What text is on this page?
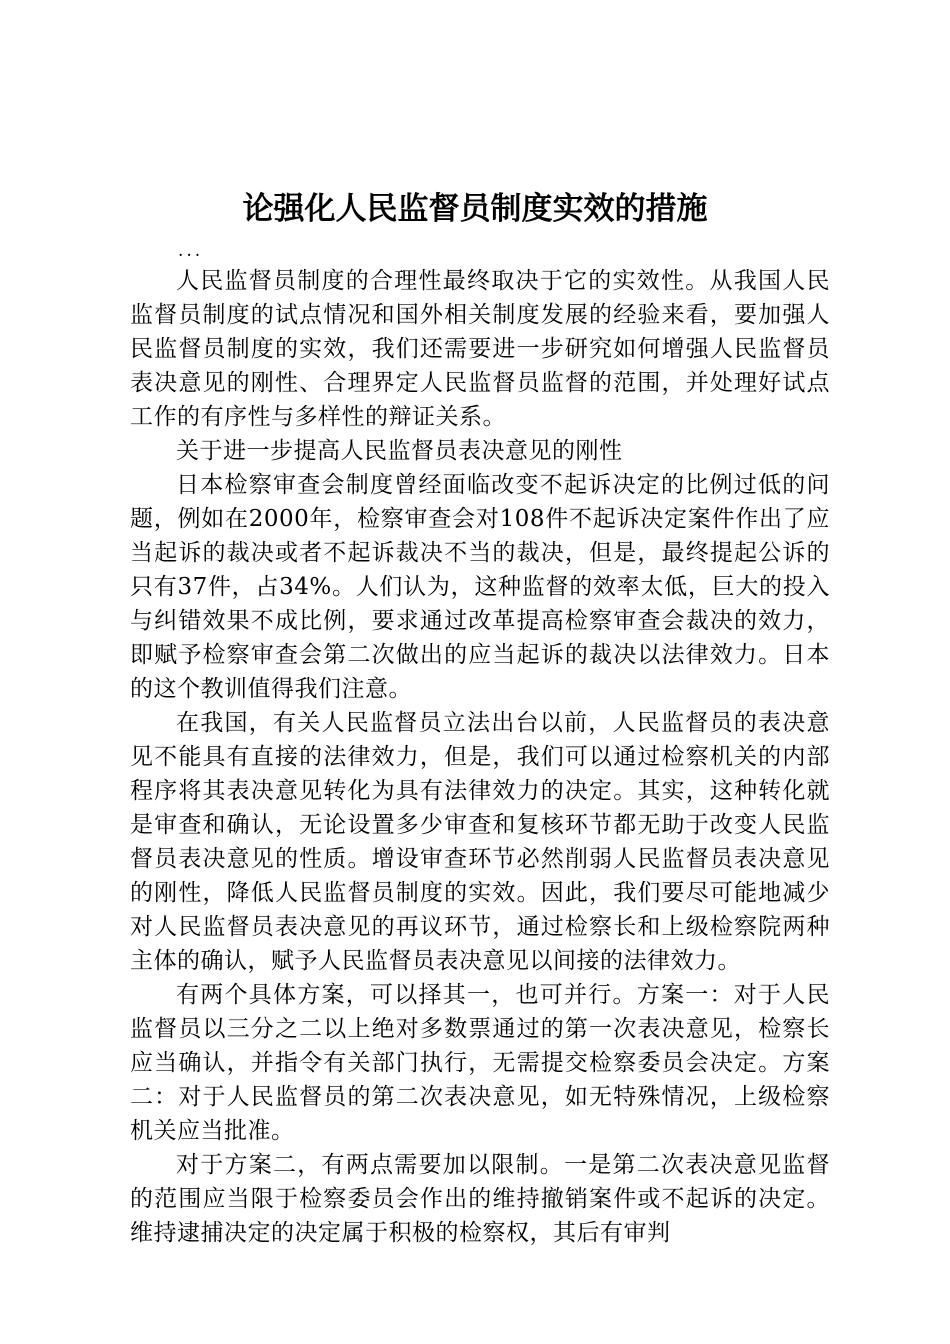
论强化人民监督员制度实效的措施
...

人民监督员制度的合理性最终取决于它的实效性。从我国人民监督员制度的试点情况和国外相关制度发展的经验来看，要加强人民监督员制度的实效，我们还需要进一步研究如何增强人民监督员表决意见的刚性、合理界定人民监督员监督的范围，并处理好试点工作的有序性与多样性的辩证关系。

关于进一步提高人民监督员表决意见的刚性

日本检察审查会制度曾经面临改变不起诉决定的比例过低的问题，例如在2000年，检察审查会对108件不起诉决定案件作出了应当起诉的裁决或者不起诉裁决不当的裁决，但是，最终提起公诉的只有37件，占34%。人们认为，这种监督的效率太低，巨大的投入与纠错效果不成比例，要求通过改革提高检察审查会裁决的效力，即赋予检察审查会第二次做出的应当起诉的裁决以法律效力。日本的这个教训值得我们注意。

在我国，有关人民监督员立法出台以前，人民监督员的表决意见不能具有直接的法律效力，但是，我们可以通过检察机关的内部程序将其表决意见转化为具有法律效力的决定。其实，这种转化就是审查和确认，无论设置多少审查和复核环节都无助于改变人民监督员表决意见的性质。增设审查环节必然削弱人民监督员表决意见的刚性，降低人民监督员制度的实效。因此，我们要尽可能地减少对人民监督员表决意见的再议环节，通过检察长和上级检察院两种主体的确认，赋予人民监督员表决意见以间接的法律效力。

有两个具体方案，可以择其一，也可并行。方案一：对于人民监督员以三分之二以上绝对多数票通过的第一次表决意见，检察长应当确认，并指令有关部门执行，无需提交检察委员会决定。方案二：对于人民监督员的第二次表决意见，如无特殊情况，上级检察机关应当批准。

对于方案二，有两点需要加以限制。一是第二次表决意见监督的范围应当限于检察委员会作出的维持撤销案件或不起诉的决定。维持逮捕决定的决定属于积极的检察权，其后有审判
